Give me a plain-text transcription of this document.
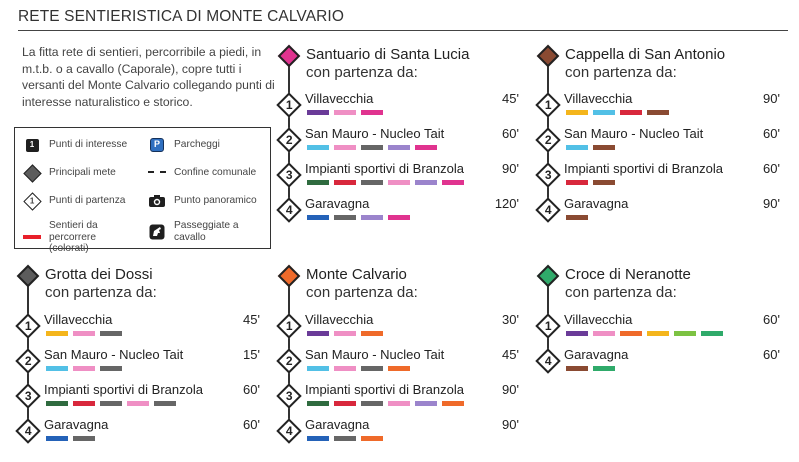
RETE SENTIERISTICA DI MONTE CALVARIO
La fitta rete di sentieri, percorribile a piedi, in m.t.b. o a cavallo (Caporale), copre tutti i versanti del Monte Calvario collegando punti di interesse naturalistico e storico.
1	Punti di interesse	P	Parcheggi
Principali mete	Confine comunale
1 Punti di partenza	Punto panoramico
Sentieri da percorrere (colorati)
Passeggiate a cavallo
Santuario di Santa Lucia
con partenza da:
1 Villavecchia	45'
2 San Mauro - Nucleo Tait	60'
3 Impianti sportivi di Branzola	90'
4 Garavagna	120'
Cappella di San Antonio
con partenza da:
1 Villavecchia	90'
2 San Mauro - Nucleo Tait	60'
3 Impianti sportivi di Branzola	60'
4 Garavagna	90'
Grotta dei Dossi
con partenza da:
1 Villavecchia	45'
2 San Mauro - Nucleo Tait	15'
3 Impianti sportivi di Branzola	60'
4 Garavagna	60'
Monte Calvario
con partenza da:
1 Villavecchia	30'
2 San Mauro - Nucleo Tait	45'
3 Impianti sportivi di Branzola	90'
4 Garavagna	90'
Croce di Neranotte
con partenza da:
1 Villavecchia	60'
4 Garavagna	60'
